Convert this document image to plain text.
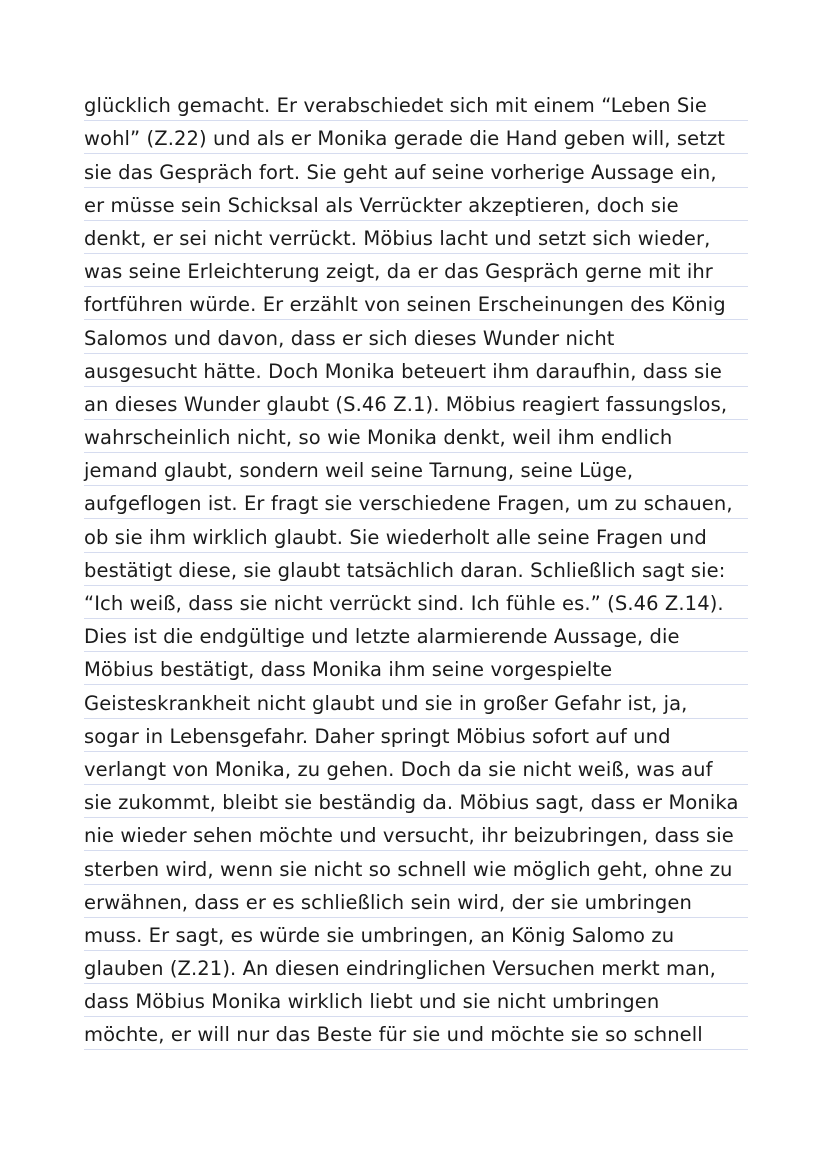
glücklich gemacht. Er verabschiedet sich mit einem “Leben Sie
wohl” (Z.22) und als er Monika gerade die Hand geben will, setzt
sie das Gespräch fort. Sie geht auf seine vorherige Aussage ein,
er müsse sein Schicksal als Verrückter akzeptieren, doch sie
denkt, er sei nicht verrückt. Möbius lacht und setzt sich wieder,
was seine Erleichterung zeigt, da er das Gespräch gerne mit ihr
fortführen würde. Er erzählt von seinen Erscheinungen des König
Salomos und davon, dass er sich dieses Wunder nicht
ausgesucht hätte. Doch Monika beteuert ihm daraufhin, dass sie
an dieses Wunder glaubt (S.46 Z.1). Möbius reagiert fassungslos,
wahrscheinlich nicht, so wie Monika denkt, weil ihm endlich
jemand glaubt, sondern weil seine Tarnung, seine Lüge,
aufgeflogen ist. Er fragt sie verschiedene Fragen, um zu schauen,
ob sie ihm wirklich glaubt. Sie wiederholt alle seine Fragen und
bestätigt diese, sie glaubt tatsächlich daran. Schließlich sagt sie:
“Ich weiß, dass sie nicht verrückt sind. Ich fühle es.” (S.46 Z.14).
Dies ist die endgültige und letzte alarmierende Aussage, die
Möbius bestätigt, dass Monika ihm seine vorgespielte
Geisteskrankheit nicht glaubt und sie in großer Gefahr ist, ja,
sogar in Lebensgefahr. Daher springt Möbius sofort auf und
verlangt von Monika, zu gehen. Doch da sie nicht weiß, was auf
sie zukommt, bleibt sie beständig da. Möbius sagt, dass er Monika
nie wieder sehen möchte und versucht, ihr beizubringen, dass sie
sterben wird, wenn sie nicht so schnell wie möglich geht, ohne zu
erwähnen, dass er es schließlich sein wird, der sie umbringen
muss. Er sagt, es würde sie umbringen, an König Salomo zu
glauben (Z.21). An diesen eindringlichen Versuchen merkt man,
dass Möbius Monika wirklich liebt und sie nicht umbringen
möchte, er will nur das Beste für sie und möchte sie so schnell
